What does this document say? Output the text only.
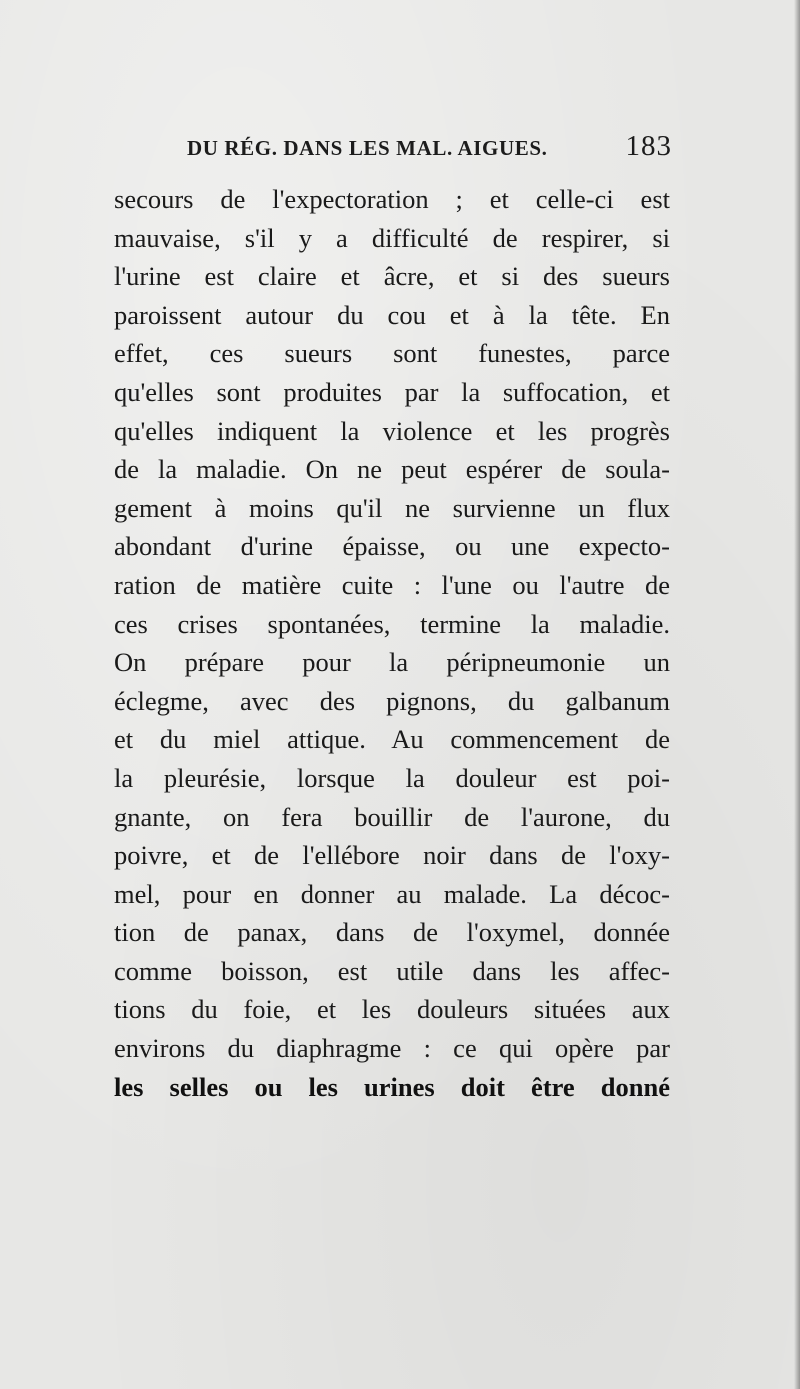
DU RÉG. DANS LES MAL. AIGUES.	183
secours de l'expectoration ; et celle-ci est
mauvaise, s'il y a difficulté de respirer, si
l'urine est claire et âcre, et si des sueurs
paroissent autour du cou et à la tête. En
effet, ces sueurs sont funestes, parce
qu'elles sont produites par la suffocation, et
qu'elles indiquent la violence et les progrès
de la maladie. On ne peut espérer de soula-
gement à moins qu'il ne survienne un flux
abondant d'urine épaisse, ou une expecto-
ration de matière cuite : l'une ou l'autre de
ces crises spontanées, termine la maladie.
On prépare pour la péripneumonie un
éclegme, avec des pignons, du galbanum
et du miel attique. Au commencement de
la pleurésie, lorsque la douleur est poi-
gnante, on fera bouillir de l'aurone, du
poivre, et de l'ellébore noir dans de l'oxy-
mel, pour en donner au malade. La décoc-
tion de panax, dans de l'oxymel, donnée
comme boisson, est utile dans les affec-
tions du foie, et les douleurs situées aux
environs du diaphragme : ce qui opère par
les selles ou les urines doit être donné
